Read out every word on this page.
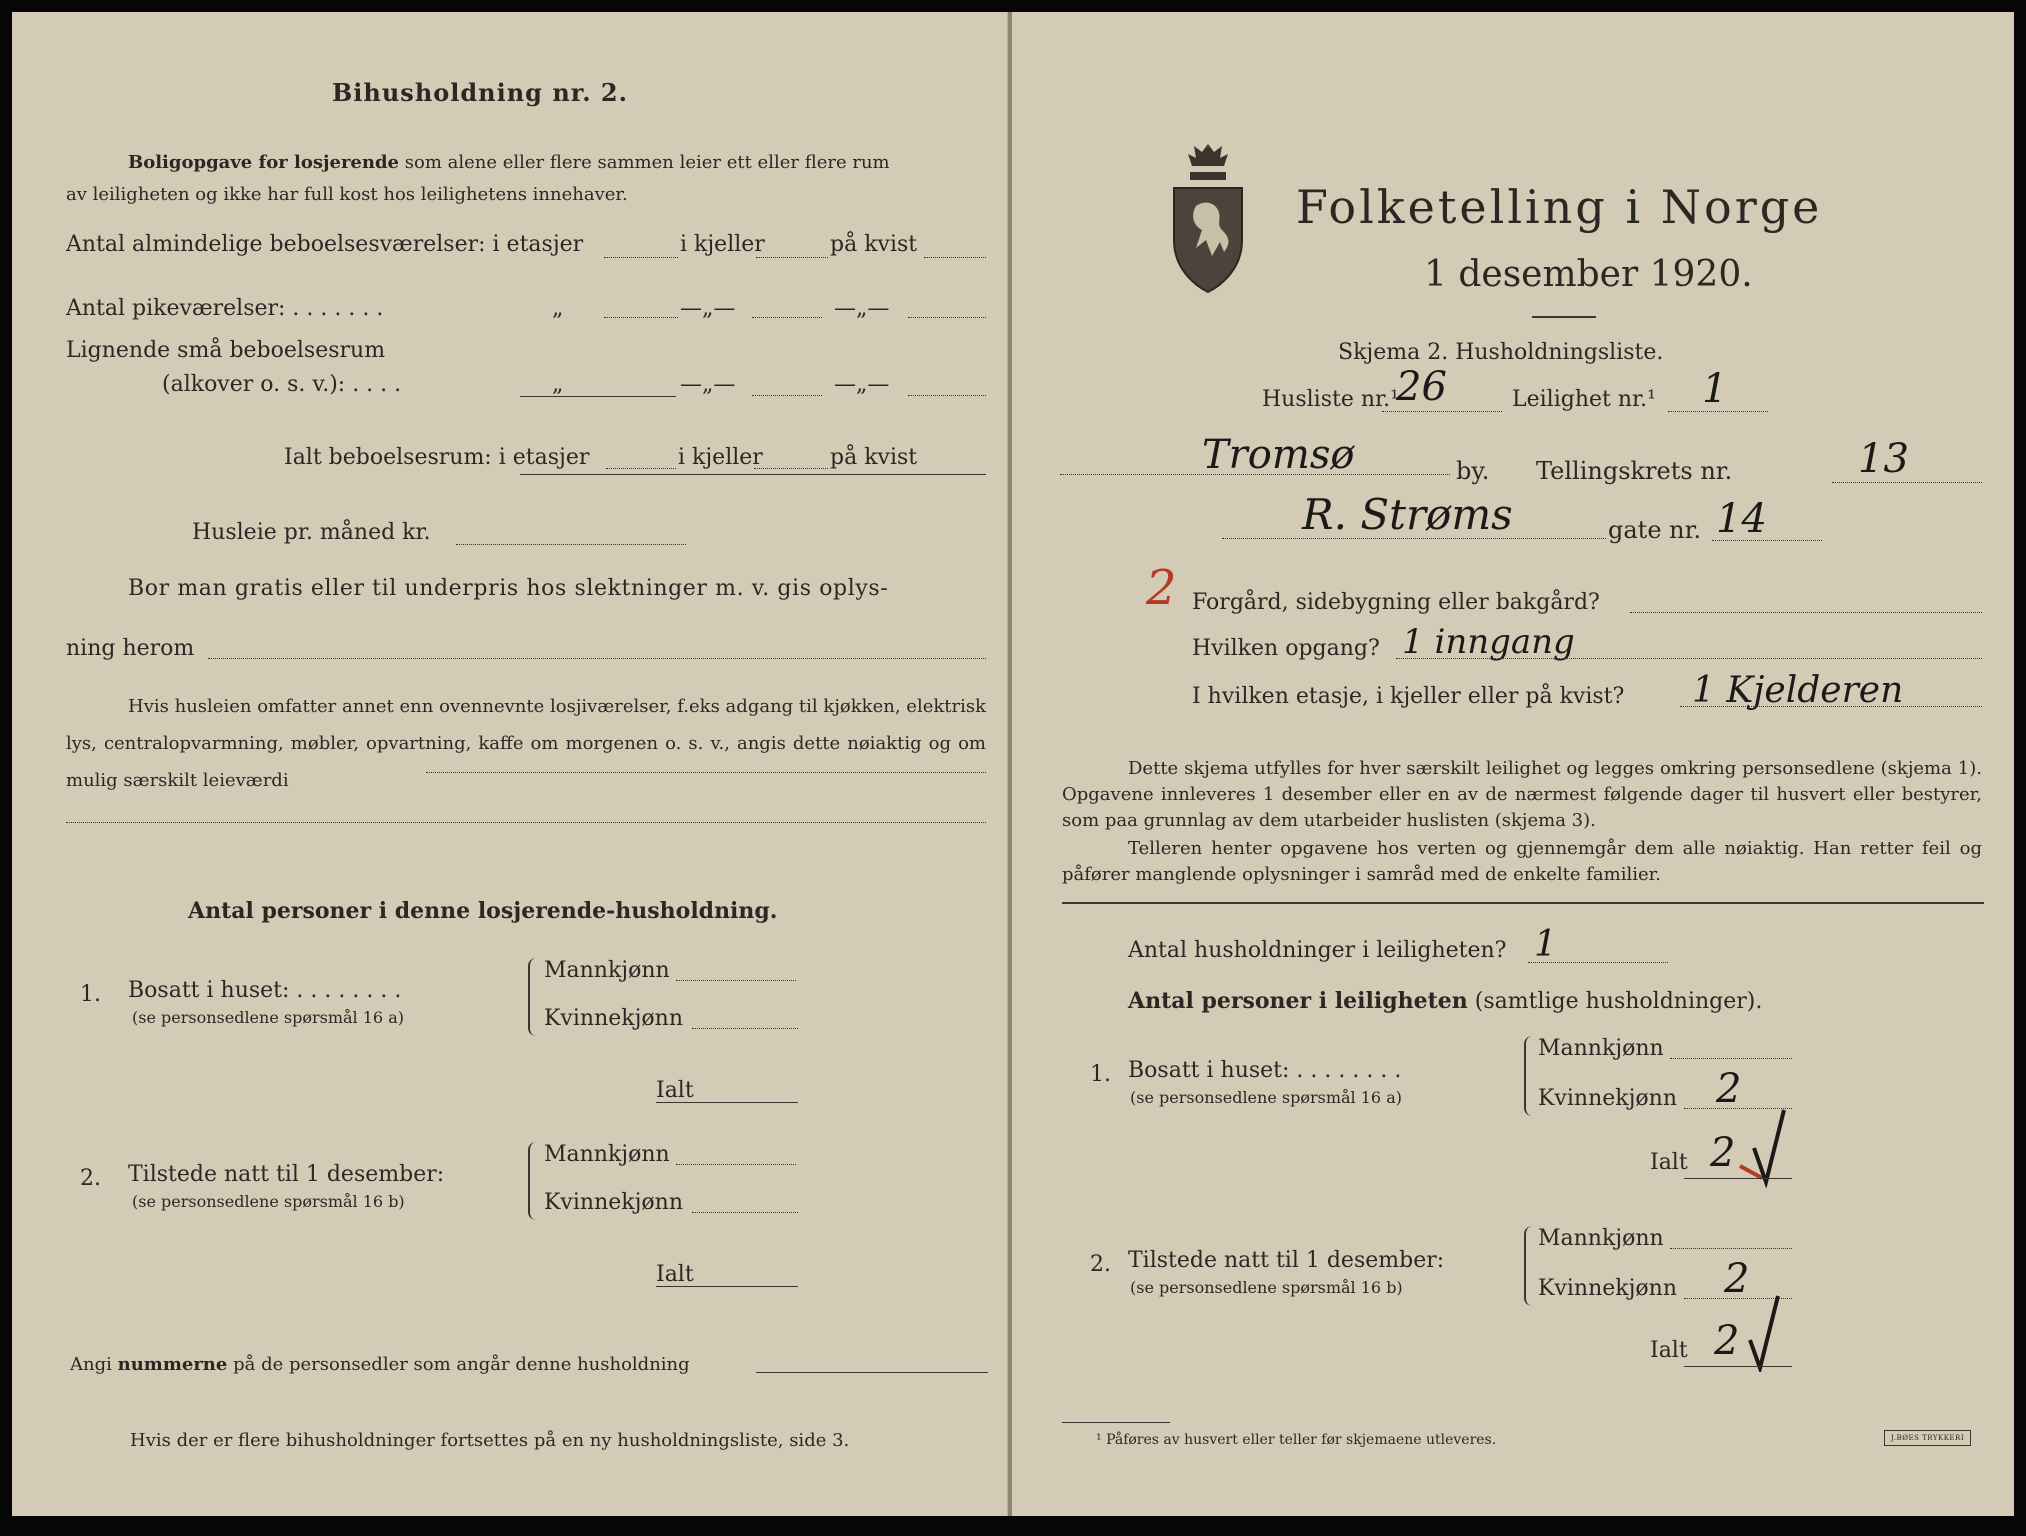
Bihusholdning nr. 2.
Boligopgave for losjerende som alene eller flere sammen leier ett eller flere rum
av leiligheten og ikke har full kost hos leilighetens innehaver.
Antal almindelige beboelsesværelser: i etasjer	i kjeller	på kvist
Antal pikeværelser: . . . . . . .	„	—„—	—„—
Lignende små beboelsesrum
(alkover o. s. v.): . . . .	„	—„—	—„—
Ialt beboelsesrum: i etasjer	i kjeller	på kvist
Husleie pr. måned kr.
Bor man gratis eller til underpris hos slektninger m. v. gis oplys-
ning herom
Hvis husleien omfatter annet enn ovennevnte losjiværelser, f.eks adgang til kjøkken, elektrisk lys, centralopvarmning, møbler, opvartning, kaffe om morgenen o. s. v., angis dette nøiaktig og om mulig særskilt leieværdi
Antal personer i denne losjerende-husholdning.
1. Bosatt i huset: . . . . . . . .
(se personsedlene spørsmål 16 a)
Mannkjønn
Kvinnekjønn
Ialt
2. Tilstede natt til 1 desember:
(se personsedlene spørsmål 16 b)
Mannkjønn
Kvinnekjønn
Ialt
Angi nummerne på de personsedler som angår denne husholdning
Hvis der er flere bihusholdninger fortsettes på en ny husholdningsliste, side 3.
Folketelling i Norge
1 desember 1920.
Skjema 2. Husholdningsliste.
Husliste nr.¹
26	Leilighet nr.¹ 1
Tromsø	by. Tellingskrets nr.	13
R. Strøms	gate nr. 14
2 Forgård, sidebygning eller bakgård?
Hvilken opgang? 1 inngang
I hvilken etasje, i kjeller eller på kvist? 1 Kjelderen
Dette skjema utfylles for hver særskilt leilighet og legges omkring personsedlene (skjema 1). Opgavene innleveres 1 desember eller en av de nærmest følgende dager til husvert eller bestyrer, som paa grunnlag av dem utarbeider huslisten (skjema 3).
Telleren henter opgavene hos verten og gjennemgår dem alle nøiaktig. Han retter feil og påfører manglende oplysninger i samråd med de enkelte familier.
Antal husholdninger i leiligheten? 1
Antal personer i leiligheten (samtlige husholdninger).
1. Bosatt i huset: . . . . . . . .
(se personsedlene spørsmål 16 a)
Mannkjønn
Kvinnekjønn 2
Ialt 2
2. Tilstede natt til 1 desember:
(se personsedlene spørsmål 16 b)
Mannkjønn
Kvinnekjønn 2
Ialt 2
¹ Påføres av husvert eller teller før skjemaene utleveres.	J.BØES TRYKKERI
